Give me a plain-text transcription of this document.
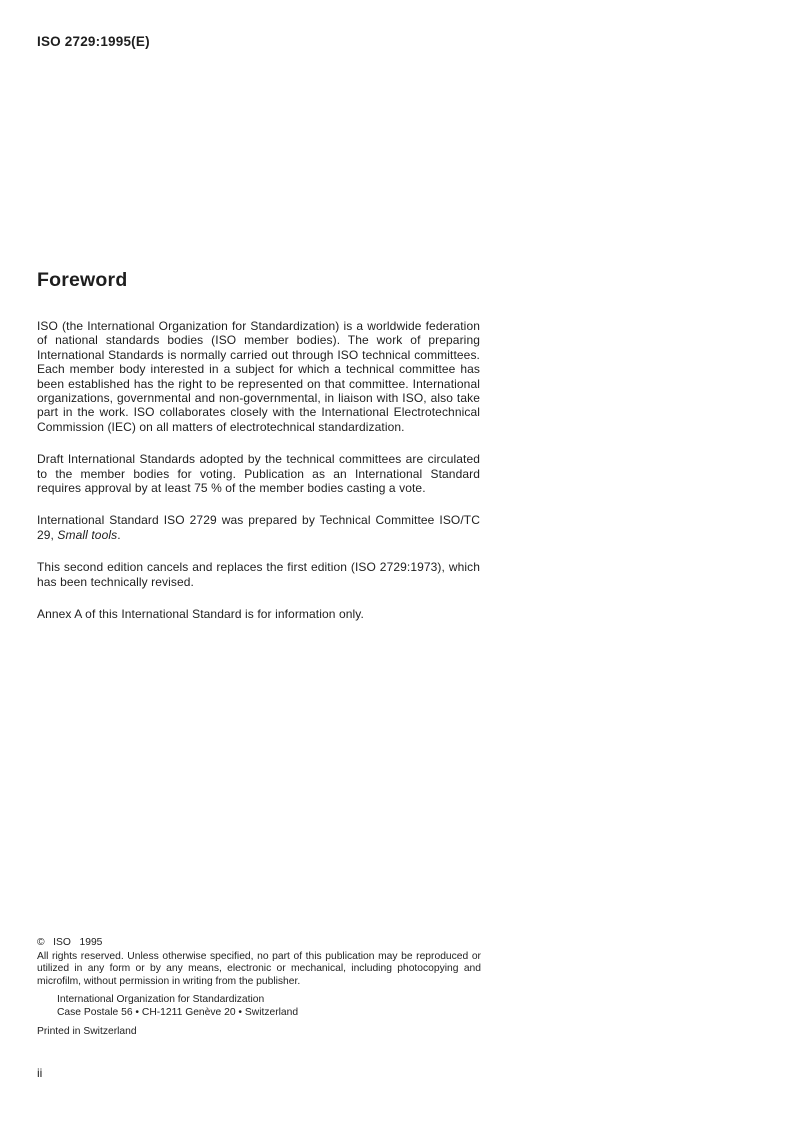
ISO 2729:1995(E)
Foreword

ISO (the International Organization for Standardization) is a worldwide federation of national standards bodies (ISO member bodies). The work of preparing International Standards is normally carried out through ISO technical committees. Each member body interested in a subject for which a technical committee has been established has the right to be represented on that committee. International organizations, governmental and non-governmental, in liaison with ISO, also take part in the work. ISO collaborates closely with the International Electrotechnical Commission (IEC) on all matters of electrotechnical standardization.

Draft International Standards adopted by the technical committees are circulated to the member bodies for voting. Publication as an International Standard requires approval by at least 75 % of the member bodies casting a vote.

International Standard ISO 2729 was prepared by Technical Committee ISO/TC 29, Small tools.

This second edition cancels and replaces the first edition (ISO 2729:1973), which has been technically revised.

Annex A of this International Standard is for information only.

©   ISO   1995
All rights reserved. Unless otherwise specified, no part of this publication may be reproduced or utilized in any form or by any means, electronic or mechanical, including photocopying and microfilm, without permission in writing from the publisher.
International Organization for Standardization
Case Postale 56 • CH-1211 Genève 20 • Switzerland
Printed in Switzerland
ii
